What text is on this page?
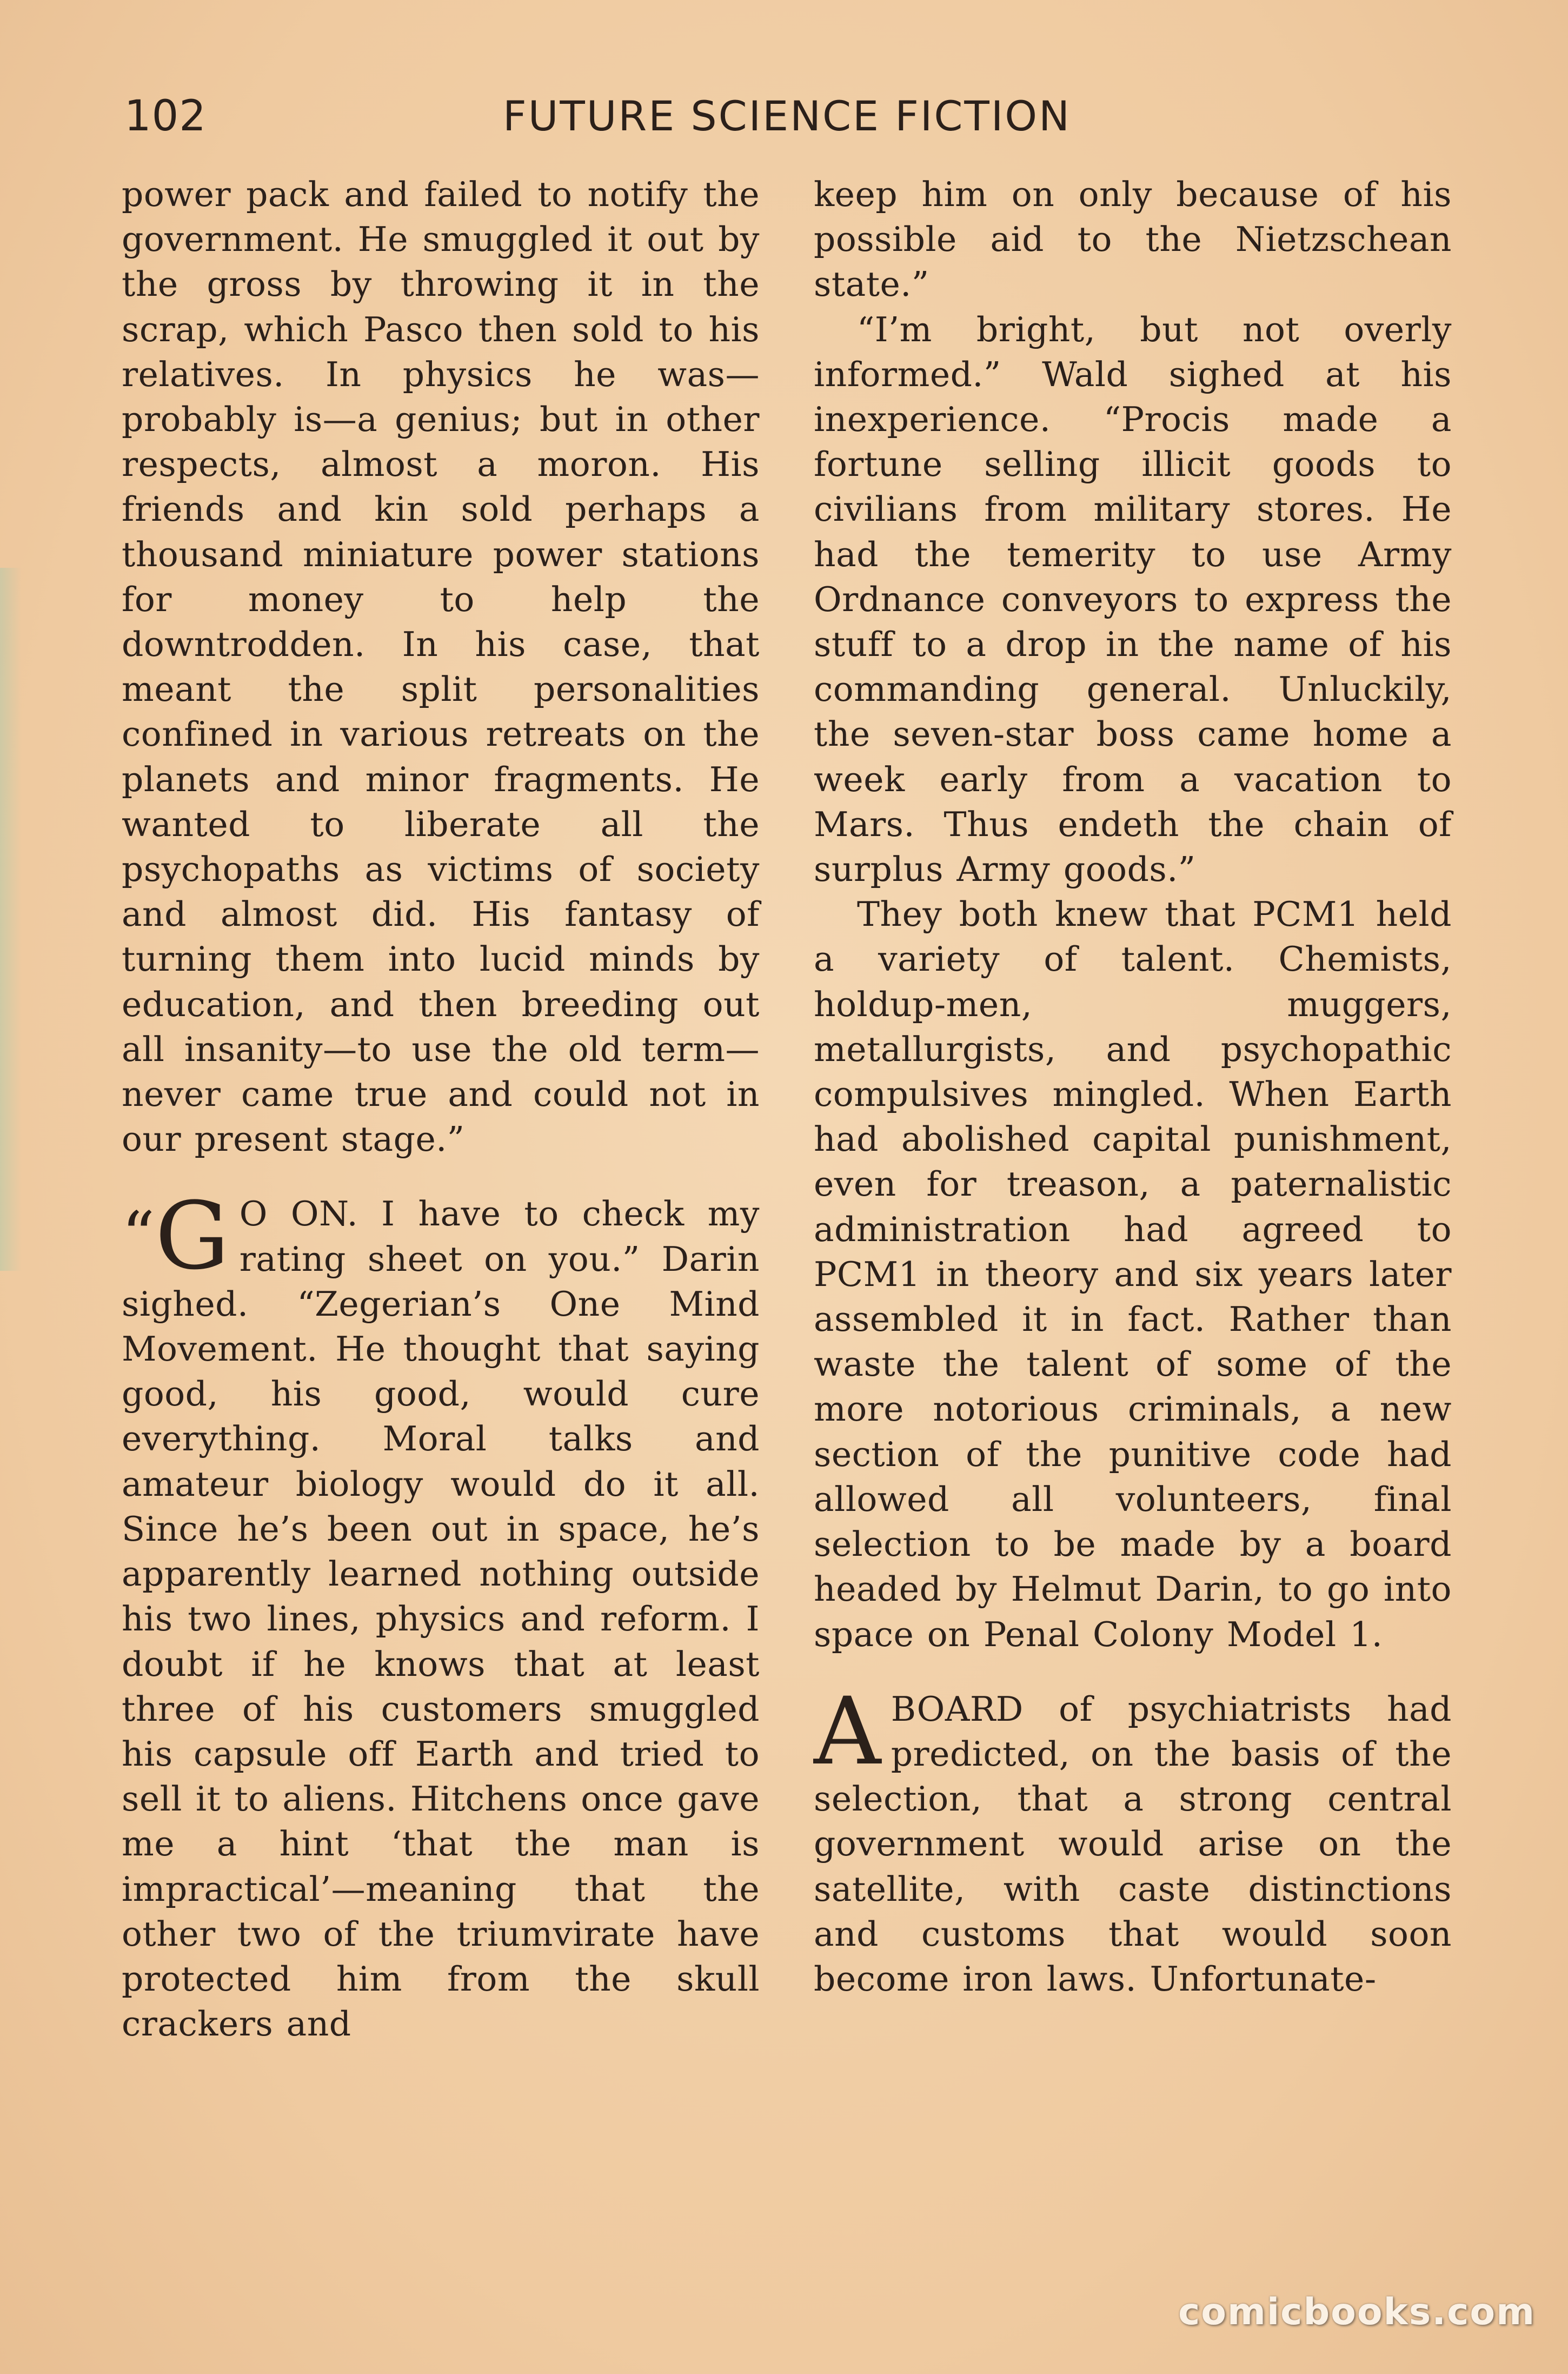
102	FUTURE SCIENCE FICTION

power pack and failed to notify the government. He smuggled it out by the gross by throwing it in the scrap, which Pasco then sold to his relatives. In physics he was—probably is—a genius; but in other respects, almost a moron. His friends and kin sold perhaps a thousand miniature power stations for money to help the downtrodden. In his case, that meant the split personalities confined in various retreats on the planets and minor fragments. He wanted to liberate all the psychopaths as victims of society and almost did. His fantasy of turning them into lucid minds by education, and then breeding out all insanity—to use the old term—never came true and could not in our present stage.”

“G O ON. I have to check my rating sheet on you.” Darin sighed. “Zegerian’s One Mind Movement. He thought that saying good, his good, would cure everything. Moral talks and amateur biology would do it all. Since he’s been out in space, he’s apparently learned nothing outside his two lines, physics and reform. I doubt if he knows that at least three of his customers smuggled his capsule off Earth and tried to sell it to aliens. Hitchens once gave me a hint ‘that the man is impractical’—meaning that the other two of the triumvirate have protected him from the skull crackers and

keep him on only because of his possible aid to the Nietzschean state.”

“I’m bright, but not overly informed.” Wald sighed at his inexperience. “Procis made a fortune selling illicit goods to civilians from military stores. He had the temerity to use Army Ordnance conveyors to express the stuff to a drop in the name of his commanding general. Unluckily, the seven-star boss came home a week early from a vacation to Mars. Thus endeth the chain of surplus Army goods.”

They both knew that PCM1 held a variety of talent. Chemists, holdup-men, muggers, metallurgists, and psychopathic compulsives mingled. When Earth had abolished capital punishment, even for treason, a paternalistic administration had agreed to PCM1 in theory and six years later assembled it in fact. Rather than waste the talent of some of the more notorious criminals, a new section of the punitive code had allowed all volunteers, final selection to be made by a board headed by Helmut Darin, to go into space on Penal Colony Model 1.

ABOARD of psychiatrists had predicted, on the basis of the selection, that a strong central government would arise on the satellite, with caste distinctions and customs that would soon become iron laws. Unfortunate-

comicbooks.com
